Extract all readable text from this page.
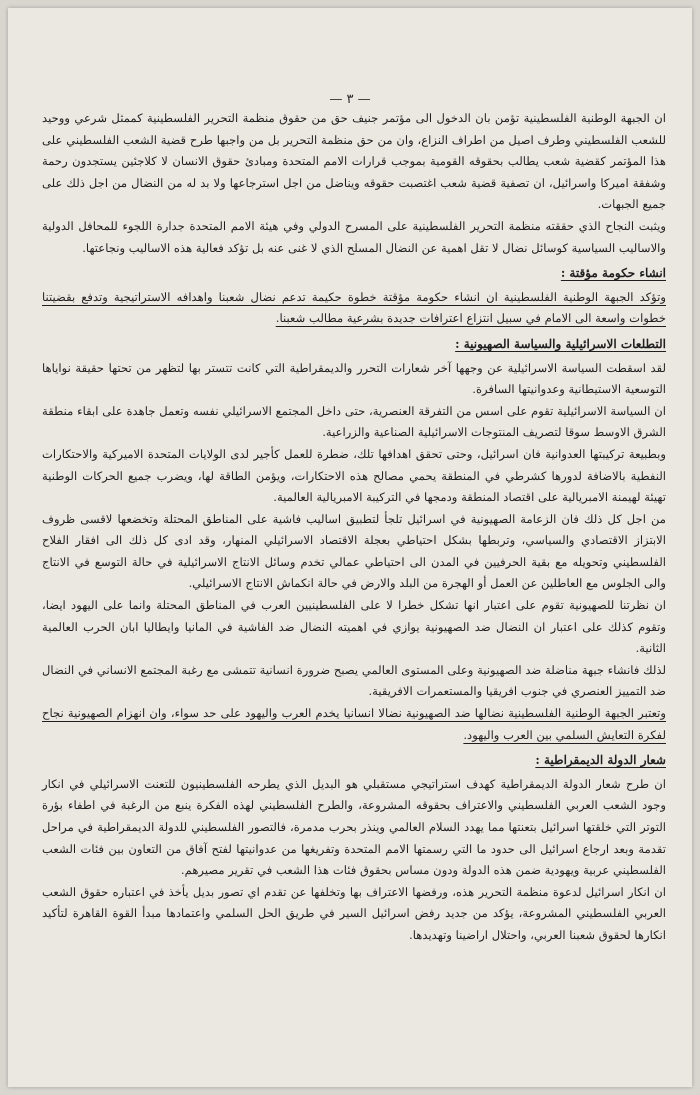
— ٣ —

ان الجبهة الوطنية الفلسطينية تؤمن بان الدخول الى مؤتمر جنيف حق من حقوق منظمة التحرير الفلسطينية كممثل شرعي ووحيد للشعب الفلسطيني وطرف اصيل من اطراف النزاع، وان من حق منظمة التحرير بل من واجبها طرح قضية الشعب الفلسطيني على هذا المؤتمر كقضية شعب يطالب بحقوقه القومية بموجب قرارات الامم المتحدة ومبادئ حقوق الانسان لا كلاجئين يستجدون رحمة وشفقة اميركا واسرائيل، ان تصفية قضية شعب اغتصبت حقوقه ويناضل من اجل استرجاعها ولا بد له من النضال من اجل ذلك على جميع الجبهات.

ويثبت النجاح الذي حققته منظمة التحرير الفلسطينية على المسرح الدولي وفي هيئة الامم المتحدة جدارة اللجوء للمحافل الدولية والاساليب السياسية كوسائل نضال لا تقل اهمية عن النضال المسلح الذي لا غنى عنه بل تؤكد فعالية هذه الاساليب ونجاعتها.

انشاء حكومة مؤقتة :

وتؤكد الجبهة الوطنية الفلسطينية ان انشاء حكومة مؤقتة خطوة حكيمة تدعم نضال شعبنا واهدافه الاستراتيجية وتدفع بقضيتنا خطوات واسعة الى الامام في سبيل انتزاع اعترافات جديدة بشرعية مطالب شعبنا.

التطلعات الاسرائيلية والسياسة الصهيونية :

لقد اسقطت السياسة الاسرائيلية عن وجهها آخر شعارات التحرر والديمقراطية التي كانت تتستر بها لتظهر من تحتها حقيقة نواياها التوسعية الاستيطانية وعدوانيتها السافرة.

ان السياسة الاسرائيلية تقوم على اسس من التفرقة العنصرية، حتى داخل المجتمع الاسرائيلي نفسه وتعمل جاهدة على ابقاء منطقة الشرق الاوسط سوقا لتصريف المنتوجات الاسرائيلية الصناعية والزراعية.

وبطبيعة تركيبتها العدوانية فان اسرائيل، وحتى تحقق اهدافها تلك، ضطرة للعمل كأجير لدى الولايات المتحدة الاميركية والاحتكارات النفطية بالاضافة لدورها كشرطي في المنطقة يحمي مصالح هذه الاحتكارات، ويؤمن الطاقة لها، ويضرب جميع الحركات الوطنية تهيئة لهيمنة الامبريالية على اقتصاد المنطقة ودمجها في التركيبة الامبريالية العالمية.

من اجل كل ذلك فان الزعامة الصهيونية في اسرائيل تلجأ لتطبيق اساليب فاشية على المناطق المحتلة وتخضعها لاقسى ظروف الابتزاز الاقتصادي والسياسي، وتربطها بشكل احتياطي بعجلة الاقتصاد الاسرائيلي المنهار، وقد ادى كل ذلك الى افقار الفلاح الفلسطيني وتحويله مع بقية الحرفيين في المدن الى احتياطي عمالي تخدم وسائل الانتاج الاسرائيلية في حالة التوسع في الانتاج والى الجلوس مع العاطلين عن العمل أو الهجرة من البلد والارض في حالة انكماش الانتاج الاسرائيلي.

ان نظرتنا للصهيونية تقوم على اعتبار انها تشكل خطرا لا على الفلسطينيين العرب في المناطق المحتلة وانما على اليهود ايضا، وتقوم كذلك على اعتبار ان النضال ضد الصهيونية يوازي في اهميته النضال ضد الفاشية في المانيا وايطاليا ابان الحرب العالمية الثانية.

لذلك فانشاء جبهة مناضلة ضد الصهيونية وعلى المستوى العالمي يصبح ضرورة انسانية تتمشى مع رغبة المجتمع الانساني في النضال ضد التمييز العنصري في جنوب افريقيا والمستعمرات الافريقية.

وتعتبر الجبهة الوطنية الفلسطينية نضالها ضد الصهيونية نضالا انسانيا يخدم العرب واليهود على حد سواء، وان انهزام الصهيونية نجاح لفكرة التعايش السلمي بين العرب واليهود.

شعار الدولة الديمقراطية :

ان طرح شعار الدولة الديمقراطية كهدف استراتيجي مستقبلي هو البديل الذي يطرحه الفلسطينيون للتعنت الاسرائيلي في انكار وجود الشعب العربي الفلسطيني والاعتراف بحقوقه المشروعة، والطرح الفلسطيني لهذه الفكرة ينبع من الرغبة في اطفاء بؤرة التوتر التي خلقتها اسرائيل بتعنتها مما يهدد السلام العالمي وينذر بحرب مدمرة، فالتصور الفلسطيني للدولة الديمقراطية في مراحل تقدمة وبعد ارجاع اسرائيل الى حدود ما التي رسمتها الامم المتحدة وتفريغها من عدوانيتها لفتح آفاق من التعاون بين فئات الشعب الفلسطيني عربية ويهودية ضمن هذه الدولة ودون مساس بحقوق فئات هذا الشعب في تقرير مصيرهم.

ان انكار اسرائيل لدعوة منظمة التحرير هذه، ورفضها الاعتراف بها وتخلفها عن تقدم اي تصور بديل يأخذ في اعتباره حقوق الشعب العربي الفلسطيني المشروعة، يؤكد من جديد رفض اسرائيل السير في طريق الحل السلمي واعتمادها مبدأ القوة القاهرة لتأكيد انكارها لحقوق شعبنا العربي، واحتلال اراضينا وتهديدها.
